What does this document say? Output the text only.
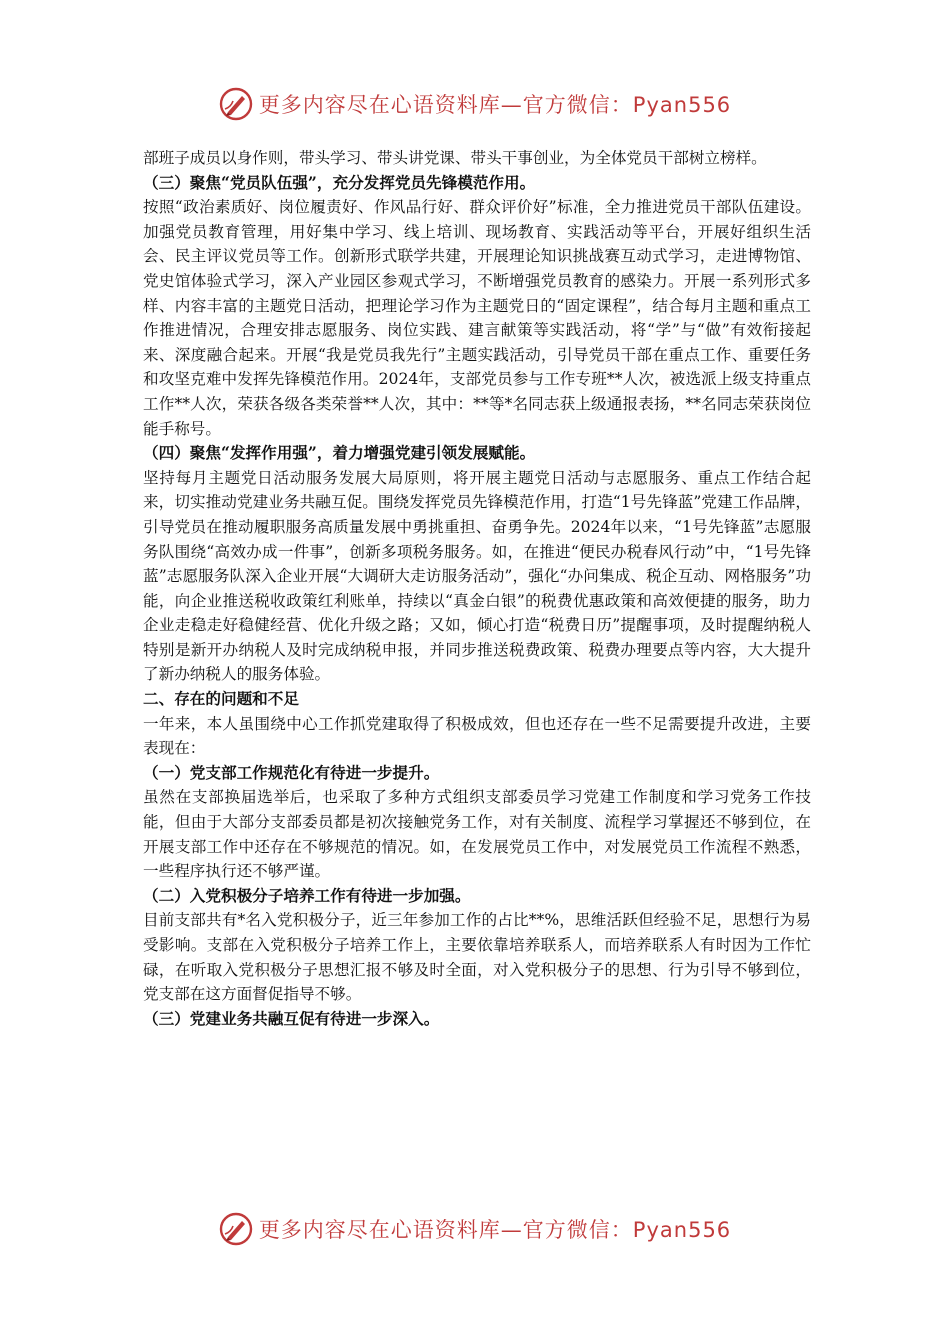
更多内容尽在心语资料库—官方微信：Pyan556

部班子成员以身作则，带头学习、带头讲党课、带头干事创业，为全体党员干部树立榜样。

（三）聚焦“党员队伍强”，充分发挥党员先锋模范作用。

按照“政治素质好、岗位履责好、作风品行好、群众评价好”标准，全力推进党员干部队伍建设。加强党员教育管理，用好集中学习、线上培训、现场教育、实践活动等平台，开展好组织生活会、民主评议党员等工作。创新形式联学共建，开展理论知识挑战赛互动式学习，走进博物馆、党史馆体验式学习，深入产业园区参观式学习，不断增强党员教育的感染力。开展一系列形式多样、内容丰富的主题党日活动，把理论学习作为主题党日的“固定课程”，结合每月主题和重点工作推进情况，合理安排志愿服务、岗位实践、建言献策等实践活动，将“学”与“做”有效衔接起来、深度融合起来。开展“我是党员我先行”主题实践活动，引导党员干部在重点工作、重要任务和攻坚克难中发挥先锋模范作用。2024年，支部党员参与工作专班**人次，被选派上级支持重点工作**人次，荣获各级各类荣誉**人次，其中：**等*名同志获上级通报表扬，**名同志荣获岗位能手称号。

（四）聚焦“发挥作用强”，着力增强党建引领发展赋能。

坚持每月主题党日活动服务发展大局原则，将开展主题党日活动与志愿服务、重点工作结合起来，切实推动党建业务共融互促。围绕发挥党员先锋模范作用，打造“1号先锋蓝”党建工作品牌，引导党员在推动履职服务高质量发展中勇挑重担、奋勇争先。2024年以来，“1号先锋蓝”志愿服务队围绕“高效办成一件事”，创新多项税务服务。如，在推进“便民办税春风行动”中，“1号先锋蓝”志愿服务队深入企业开展“大调研大走访服务活动”，强化“办问集成、税企互动、网格服务”功能，向企业推送税收政策红利账单，持续以“真金白银”的税费优惠政策和高效便捷的服务，助力企业走稳走好稳健经营、优化升级之路；又如，倾心打造“税费日历”提醒事项，及时提醒纳税人特别是新开办纳税人及时完成纳税申报，并同步推送税费政策、税费办理要点等内容，大大提升了新办纳税人的服务体验。

二、存在的问题和不足

一年来，本人虽围绕中心工作抓党建取得了积极成效，但也还存在一些不足需要提升改进，主要表现在：

（一）党支部工作规范化有待进一步提升。

虽然在支部换届选举后，也采取了多种方式组织支部委员学习党建工作制度和学习党务工作技能，但由于大部分支部委员都是初次接触党务工作，对有关制度、流程学习掌握还不够到位，在开展支部工作中还存在不够规范的情况。如，在发展党员工作中，对发展党员工作流程不熟悉，一些程序执行还不够严谨。

（二）入党积极分子培养工作有待进一步加强。

目前支部共有*名入党积极分子，近三年参加工作的占比**%，思维活跃但经验不足，思想行为易受影响。支部在入党积极分子培养工作上，主要依靠培养联系人，而培养联系人有时因为工作忙碌，在听取入党积极分子思想汇报不够及时全面，对入党积极分子的思想、行为引导不够到位，党支部在这方面督促指导不够。

（三）党建业务共融互促有待进一步深入。

更多内容尽在心语资料库—官方微信：Pyan556
